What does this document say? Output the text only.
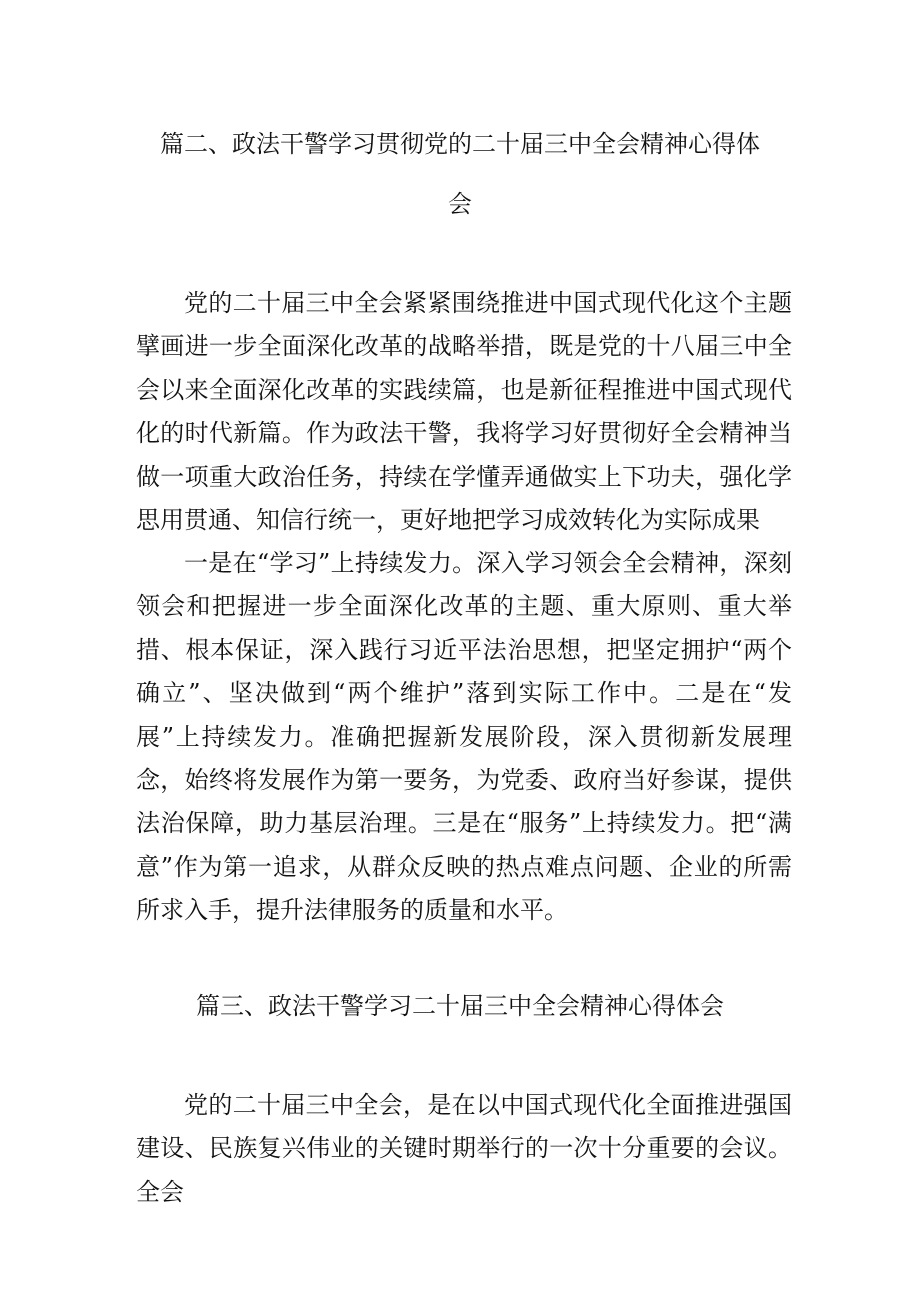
篇二、政法干警学习贯彻党的二十届三中全会精神心得体
会

党的二十届三中全会紧紧围绕推进中国式现代化这个主题擘画进一步全面深化改革的战略举措，既是党的十八届三中全会以来全面深化改革的实践续篇，也是新征程推进中国式现代化的时代新篇。作为政法干警，我将学习好贯彻好全会精神当做一项重大政治任务，持续在学懂弄通做实上下功夫，强化学思用贯通、知信行统一，更好地把学习成效转化为实际成果

一是在“学习”上持续发力。深入学习领会全会精神，深刻领会和把握进一步全面深化改革的主题、重大原则、重大举措、根本保证，深入践行习近平法治思想，把坚定拥护“两个确立”、坚决做到“两个维护”落到实际工作中。二是在“发展”上持续发力。准确把握新发展阶段，深入贯彻新发展理念，始终将发展作为第一要务，为党委、政府当好参谋，提供法治保障，助力基层治理。三是在“服务”上持续发力。把“满意”作为第一追求，从群众反映的热点难点问题、企业的所需所求入手，提升法律服务的质量和水平。

篇三、政法干警学习二十届三中全会精神心得体会

党的二十届三中全会，是在以中国式现代化全面推进强国建设、民族复兴伟业的关键时期举行的一次十分重要的会议。全会
